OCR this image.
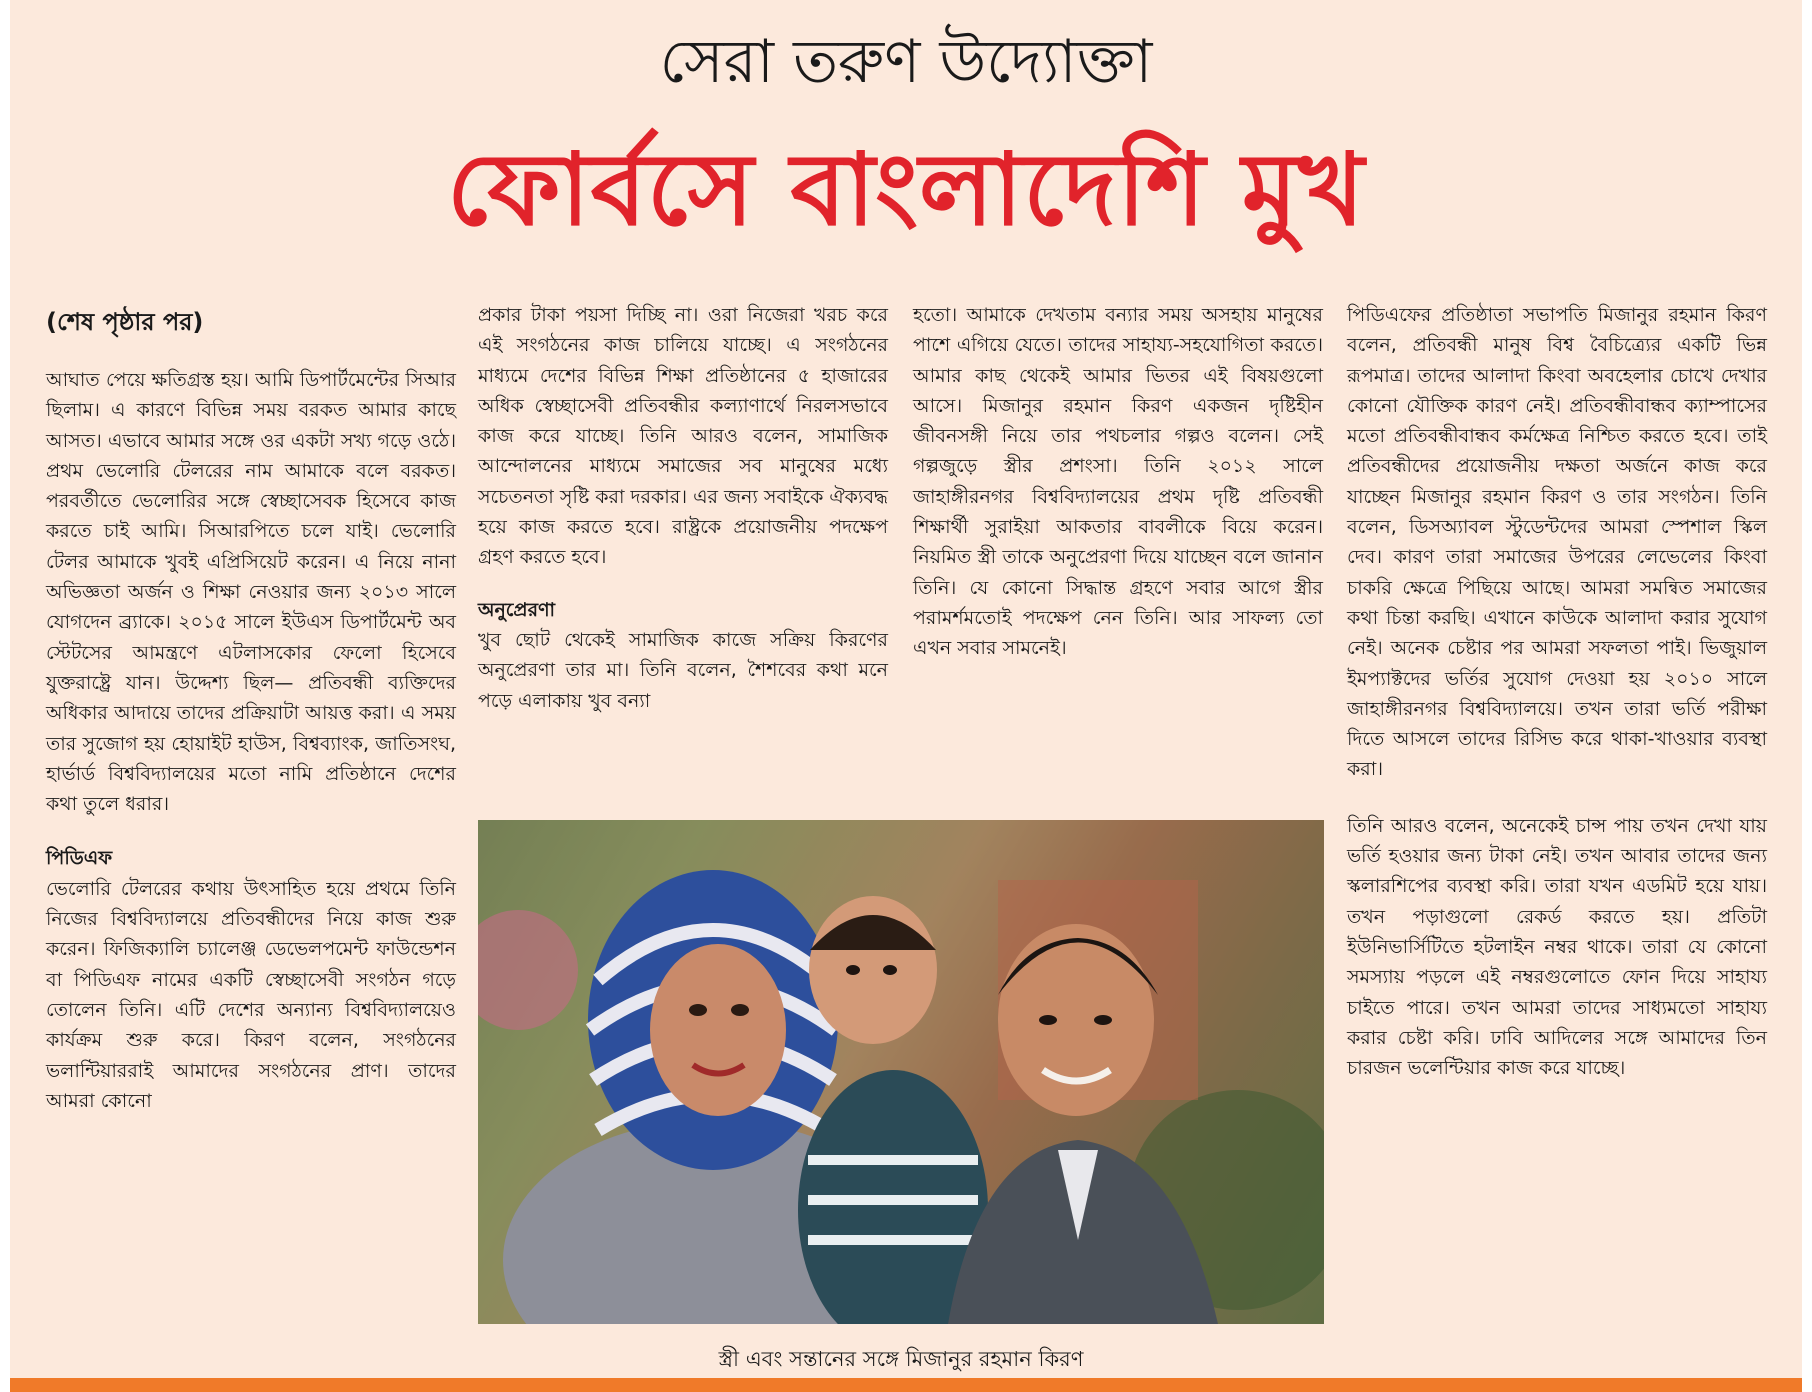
সেরা তরুণ উদ্যোক্তা
ফোর্বসে বাংলাদেশি মুখ

(শেষ পৃষ্ঠার পর)

আঘাত পেয়ে ক্ষতিগ্রস্ত হয়। আমি ডিপার্টমেন্টের সিআর ছিলাম। এ কারণে বিভিন্ন সময় বরকত আমার কাছে আসত। এভাবে আমার সঙ্গে ওর একটা সখ্য গড়ে ওঠে। প্রথম ভেলোরি টেলরের নাম আমাকে বলে বরকত। পরবর্তীতে ভেলোরির সঙ্গে স্বেচ্ছাসেবক হিসেবে কাজ করতে চাই আমি। সিআরপিতে চলে যাই। ভেলোরি টেলর আমাকে খুবই এপ্রিসিয়েট করেন। এ নিয়ে নানা অভিজ্ঞতা অর্জন ও শিক্ষা নেওয়ার জন্য ২০১৩ সালে যোগদেন ব্র্যাকে। ২০১৫ সালে ইউএস ডিপার্টমেন্ট অব স্টেটসের আমন্ত্রণে এটলাসকোর ফেলো হিসেবে যুক্তরাষ্ট্রে যান। উদ্দেশ্য ছিল— প্রতিবন্ধী ব্যক্তিদের অধিকার আদায়ে তাদের প্রক্রিয়াটা আয়ত্ত করা। এ সময় তার সুজোগ হয় হোয়াইট হাউস, বিশ্বব্যাংক, জাতিসংঘ, হার্ভার্ড বিশ্ববিদ্যালয়ের মতো নামি প্রতিষ্ঠানে দেশের কথা তুলে ধরার।

পিডিএফ

ভেলোরি টেলরের কথায় উৎসাহিত হয়ে প্রথমে তিনি নিজের বিশ্ববিদ্যালয়ে প্রতিবন্ধীদের নিয়ে কাজ শুরু করেন। ফিজিক্যালি চ্যালেঞ্জ ডেভেলপমেন্ট ফাউন্ডেশন বা পিডিএফ নামের একটি স্বেচ্ছাসেবী সংগঠন গড়ে তোলেন তিনি। এটি দেশের অন্যান্য বিশ্ববিদ্যালয়েও কার্যক্রম শুরু করে। কিরণ বলেন, সংগঠনের ভলান্টিয়াররাই আমাদের সংগঠনের প্রাণ। তাদের আমরা কোনো

প্রকার টাকা পয়সা দিচ্ছি না। ওরা নিজেরা খরচ করে এই সংগঠনের কাজ চালিয়ে যাচ্ছে। এ সংগঠনের মাধ্যমে দেশের বিভিন্ন শিক্ষা প্রতিষ্ঠানের ৫ হাজারের অধিক স্বেচ্ছাসেবী প্রতিবন্ধীর কল্যাণার্থে নিরলসভাবে কাজ করে যাচ্ছে। তিনি আরও বলেন, সামাজিক আন্দোলনের মাধ্যমে সমাজের সব মানুষের মধ্যে সচেতনতা সৃষ্টি করা দরকার। এর জন্য সবাইকে ঐক্যবদ্ধ হয়ে কাজ করতে হবে। রাষ্ট্রকে প্রয়োজনীয় পদক্ষেপ গ্রহণ করতে হবে।

অনুপ্রেরণা

খুব ছোট থেকেই সামাজিক কাজে সক্রিয় কিরণের অনুপ্রেরণা তার মা। তিনি বলেন, শৈশবের কথা মনে পড়ে এলাকায় খুব বন্যা

হতো। আমাকে দেখতাম বন্যার সময় অসহায় মানুষের পাশে এগিয়ে যেতে। তাদের সাহায্য-সহযোগিতা করতে। আমার কাছ থেকেই আমার ভিতর এই বিষয়গুলো আসে। মিজানুর রহমান কিরণ একজন দৃষ্টিহীন জীবনসঙ্গী নিয়ে তার পথচলার গল্পও বলেন। সেই গল্পজুড়ে স্ত্রীর প্রশংসা। তিনি ২০১২ সালে জাহাঙ্গীরনগর বিশ্ববিদ্যালয়ের প্রথম দৃষ্টি প্রতিবন্ধী শিক্ষার্থী সুরাইয়া আকতার বাবলীকে বিয়ে করেন। নিয়মিত স্ত্রী তাকে অনুপ্রেরণা দিয়ে যাচ্ছেন বলে জানান তিনি। যে কোনো সিদ্ধান্ত গ্রহণে সবার আগে স্ত্রীর পরামর্শমতোই পদক্ষেপ নেন তিনি। আর সাফল্য তো এখন সবার সামনেই।

পিডিএফের প্রতিষ্ঠাতা সভাপতি মিজানুর রহমান কিরণ বলেন, প্রতিবন্ধী মানুষ বিশ্ব বৈচিত্র্যের একটি ভিন্ন রূপমাত্র। তাদের আলাদা কিংবা অবহেলার চোখে দেখার কোনো যৌক্তিক কারণ নেই। প্রতিবন্ধীবান্ধব ক্যাম্পাসের মতো প্রতিবন্ধীবান্ধব কর্মক্ষেত্র নিশ্চিত করতে হবে। তাই প্রতিবন্ধীদের প্রয়োজনীয় দক্ষতা অর্জনে কাজ করে যাচ্ছেন মিজানুর রহমান কিরণ ও তার সংগঠন। তিনি বলেন, ডিসঅ্যাবল স্টুডেন্টদের আমরা স্পেশাল স্কিল দেব। কারণ তারা সমাজের উপরের লেভেলের কিংবা চাকরি ক্ষেত্রে পিছিয়ে আছে। আমরা সমন্বিত সমাজের কথা চিন্তা করছি। এখানে কাউকে আলাদা করার সুযোগ নেই। অনেক চেষ্টার পর আমরা সফলতা পাই। ভিজুয়াল ইমপ্যাক্টদের ভর্তির সুযোগ দেওয়া হয় ২০১০ সালে জাহাঙ্গীরনগর বিশ্ববিদ্যালয়ে। তখন তারা ভর্তি পরীক্ষা দিতে আসলে তাদের রিসিভ করে থাকা-খাওয়ার ব্যবস্থা করা।

তিনি আরও বলেন, অনেকেই চান্স পায় তখন দেখা যায় ভর্তি হওয়ার জন্য টাকা নেই। তখন আবার তাদের জন্য স্কলারশিপের ব্যবস্থা করি। তারা যখন এডমিট হয়ে যায়। তখন পড়াগুলো রেকর্ড করতে হয়। প্রতিটা ইউনিভার্সিটিতে হটলাইন নম্বর থাকে। তারা যে কোনো সমস্যায় পড়লে এই নম্বরগুলোতে ফোন দিয়ে সাহায্য চাইতে পারে। তখন আমরা তাদের সাধ্যমতো সাহায্য করার চেষ্টা করি। ঢাবি আদিলের সঙ্গে আমাদের তিন চারজন ভলেন্টিয়ার কাজ করে যাচ্ছে।

স্ত্রী এবং সন্তানের সঙ্গে মিজানুর রহমান কিরণ
